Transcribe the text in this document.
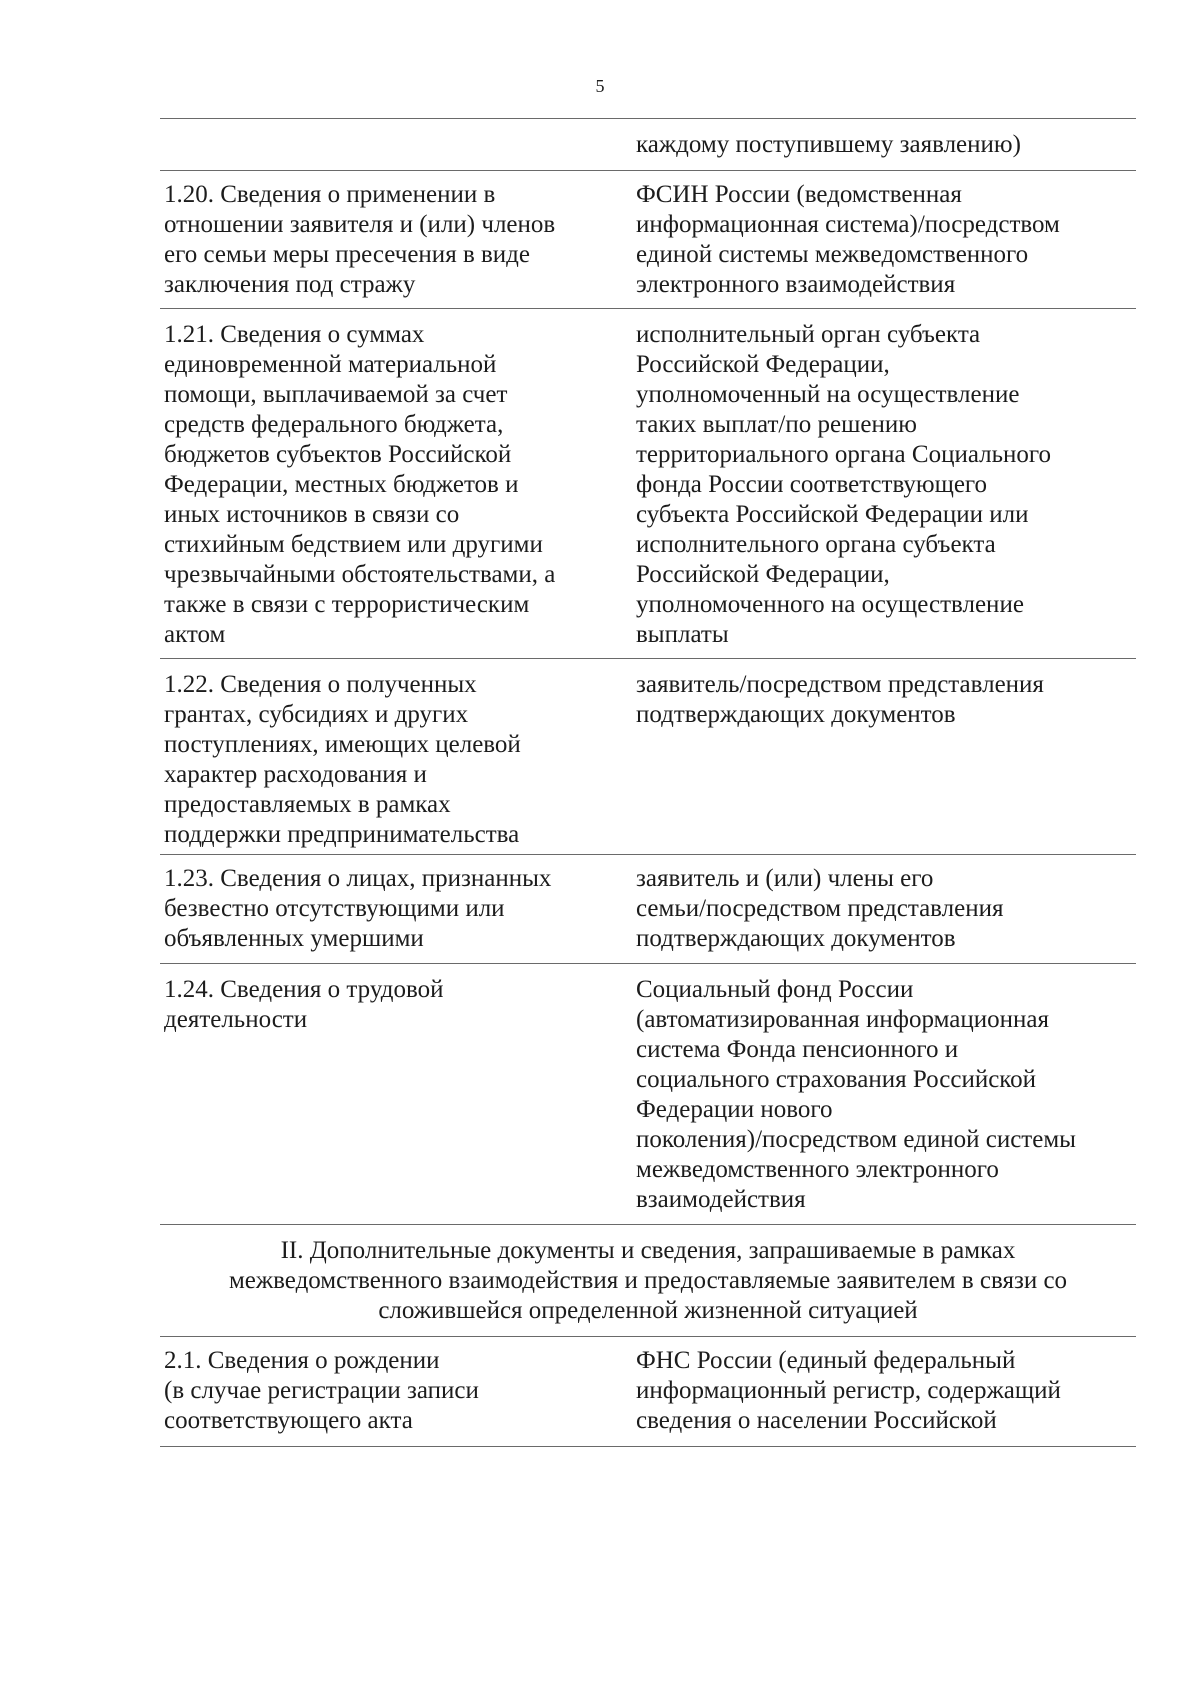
5
каждому поступившему заявлению)
1.20. Сведения о применении в
отношении заявителя и (или) членов
его семьи меры пресечения в виде
заключения под стражу
ФСИН России (ведомственная
информационная система)/посредством
единой системы межведомственного
электронного взаимодействия
1.21. Сведения о суммах
единовременной материальной
помощи, выплачиваемой за счет
средств федерального бюджета,
бюджетов субъектов Российской
Федерации, местных бюджетов и
иных источников в связи со
стихийным бедствием или другими
чрезвычайными обстоятельствами, а
также в связи с террористическим
актом
исполнительный орган субъекта
Российской Федерации,
уполномоченный на осуществление
таких выплат/по решению
территориального органа Социального
фонда России соответствующего
субъекта Российской Федерации или
исполнительного органа субъекта
Российской Федерации,
уполномоченного на осуществление
выплаты
1.22. Сведения о полученных
грантах, субсидиях и других
поступлениях, имеющих целевой
характер расходования и
предоставляемых в рамках
поддержки предпринимательства
заявитель/посредством представления
подтверждающих документов
1.23. Сведения о лицах, признанных
безвестно отсутствующими или
объявленных умершими
заявитель и (или) члены его
семьи/посредством представления
подтверждающих документов
1.24. Сведения о трудовой
деятельности
Социальный фонд России
(автоматизированная информационная
система Фонда пенсионного и
социального страхования Российской
Федерации нового
поколения)/посредством единой системы
межведомственного электронного
взаимодействия
II. Дополнительные документы и сведения, запрашиваемые в рамках
межведомственного взаимодействия и предоставляемые заявителем в связи со
сложившейся определенной жизненной ситуацией
2.1. Сведения о рождении
(в случае регистрации записи
соответствующего акта
ФНС России (единый федеральный
информационный регистр, содержащий
сведения о населении Российской
